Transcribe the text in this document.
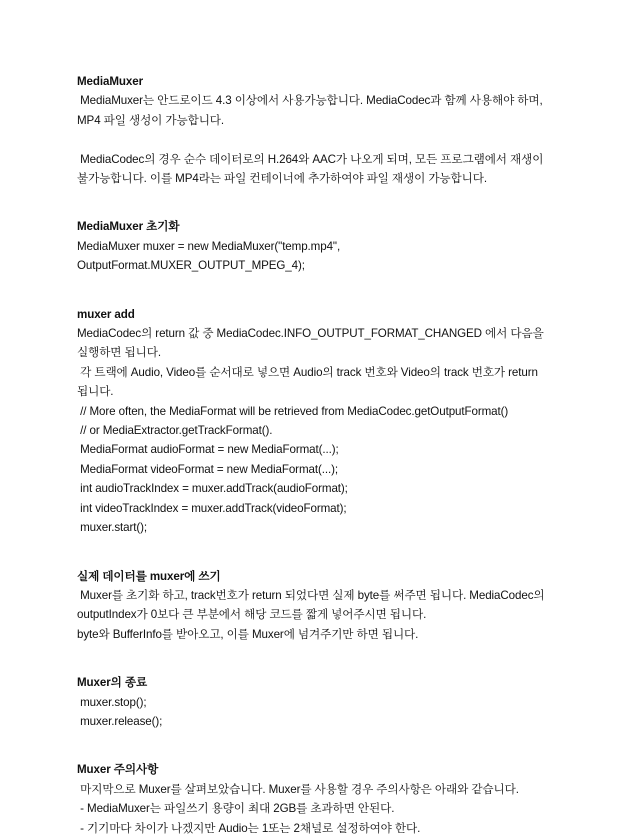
MediaMuxer

MediaMuxer는 안드로이드 4.3 이상에서 사용가능합니다. MediaCodec과 함께 사용해야 하며,

MP4 파일 생성이 가능합니다.

MediaCodec의 경우 순수 데이터로의 H.264와 AAC가 나오게 되며, 모든 프로그램에서 재생이

불가능합니다. 이를 MP4라는 파일 컨테이너에 추가하여야 파일 재생이 가능합니다.

MediaMuxer 초기화

MediaMuxer muxer = new MediaMuxer("temp.mp4",

OutputFormat.MUXER_OUTPUT_MPEG_4);

muxer add

MediaCodec의 return 값 중 MediaCodec.INFO_OUTPUT_FORMAT_CHANGED 에서 다음을

실행하면 됩니다.

각 트랙에 Audio, Video를 순서대로 넣으면 Audio의 track 번호와 Video의 track 번호가 return

됩니다.

// More often, the MediaFormat will be retrieved from MediaCodec.getOutputFormat()

// or MediaExtractor.getTrackFormat().

MediaFormat audioFormat = new MediaFormat(...);

MediaFormat videoFormat = new MediaFormat(...);

int audioTrackIndex = muxer.addTrack(audioFormat);

int videoTrackIndex = muxer.addTrack(videoFormat);

muxer.start();

실제 데이터를 muxer에 쓰기

Muxer를 초기화 하고, track번호가 return 되었다면 실제 byte를 써주면 됩니다. MediaCodec의

outputIndex가 0보다 큰 부분에서 해당 코드를 짧게 넣어주시면 됩니다.

byte와 BufferInfo를 받아오고, 이를 Muxer에 넘겨주기만 하면 됩니다.

Muxer의 종료

muxer.stop();

muxer.release();

Muxer 주의사항

마지막으로 Muxer를 살펴보았습니다. Muxer를 사용할 경우 주의사항은 아래와 같습니다.

- MediaMuxer는 파일쓰기 용량이 최대 2GB를 초과하면 안된다.

- 기기마다 차이가 나겠지만 Audio는 1또는 2채널로 설정하여야 한다.
